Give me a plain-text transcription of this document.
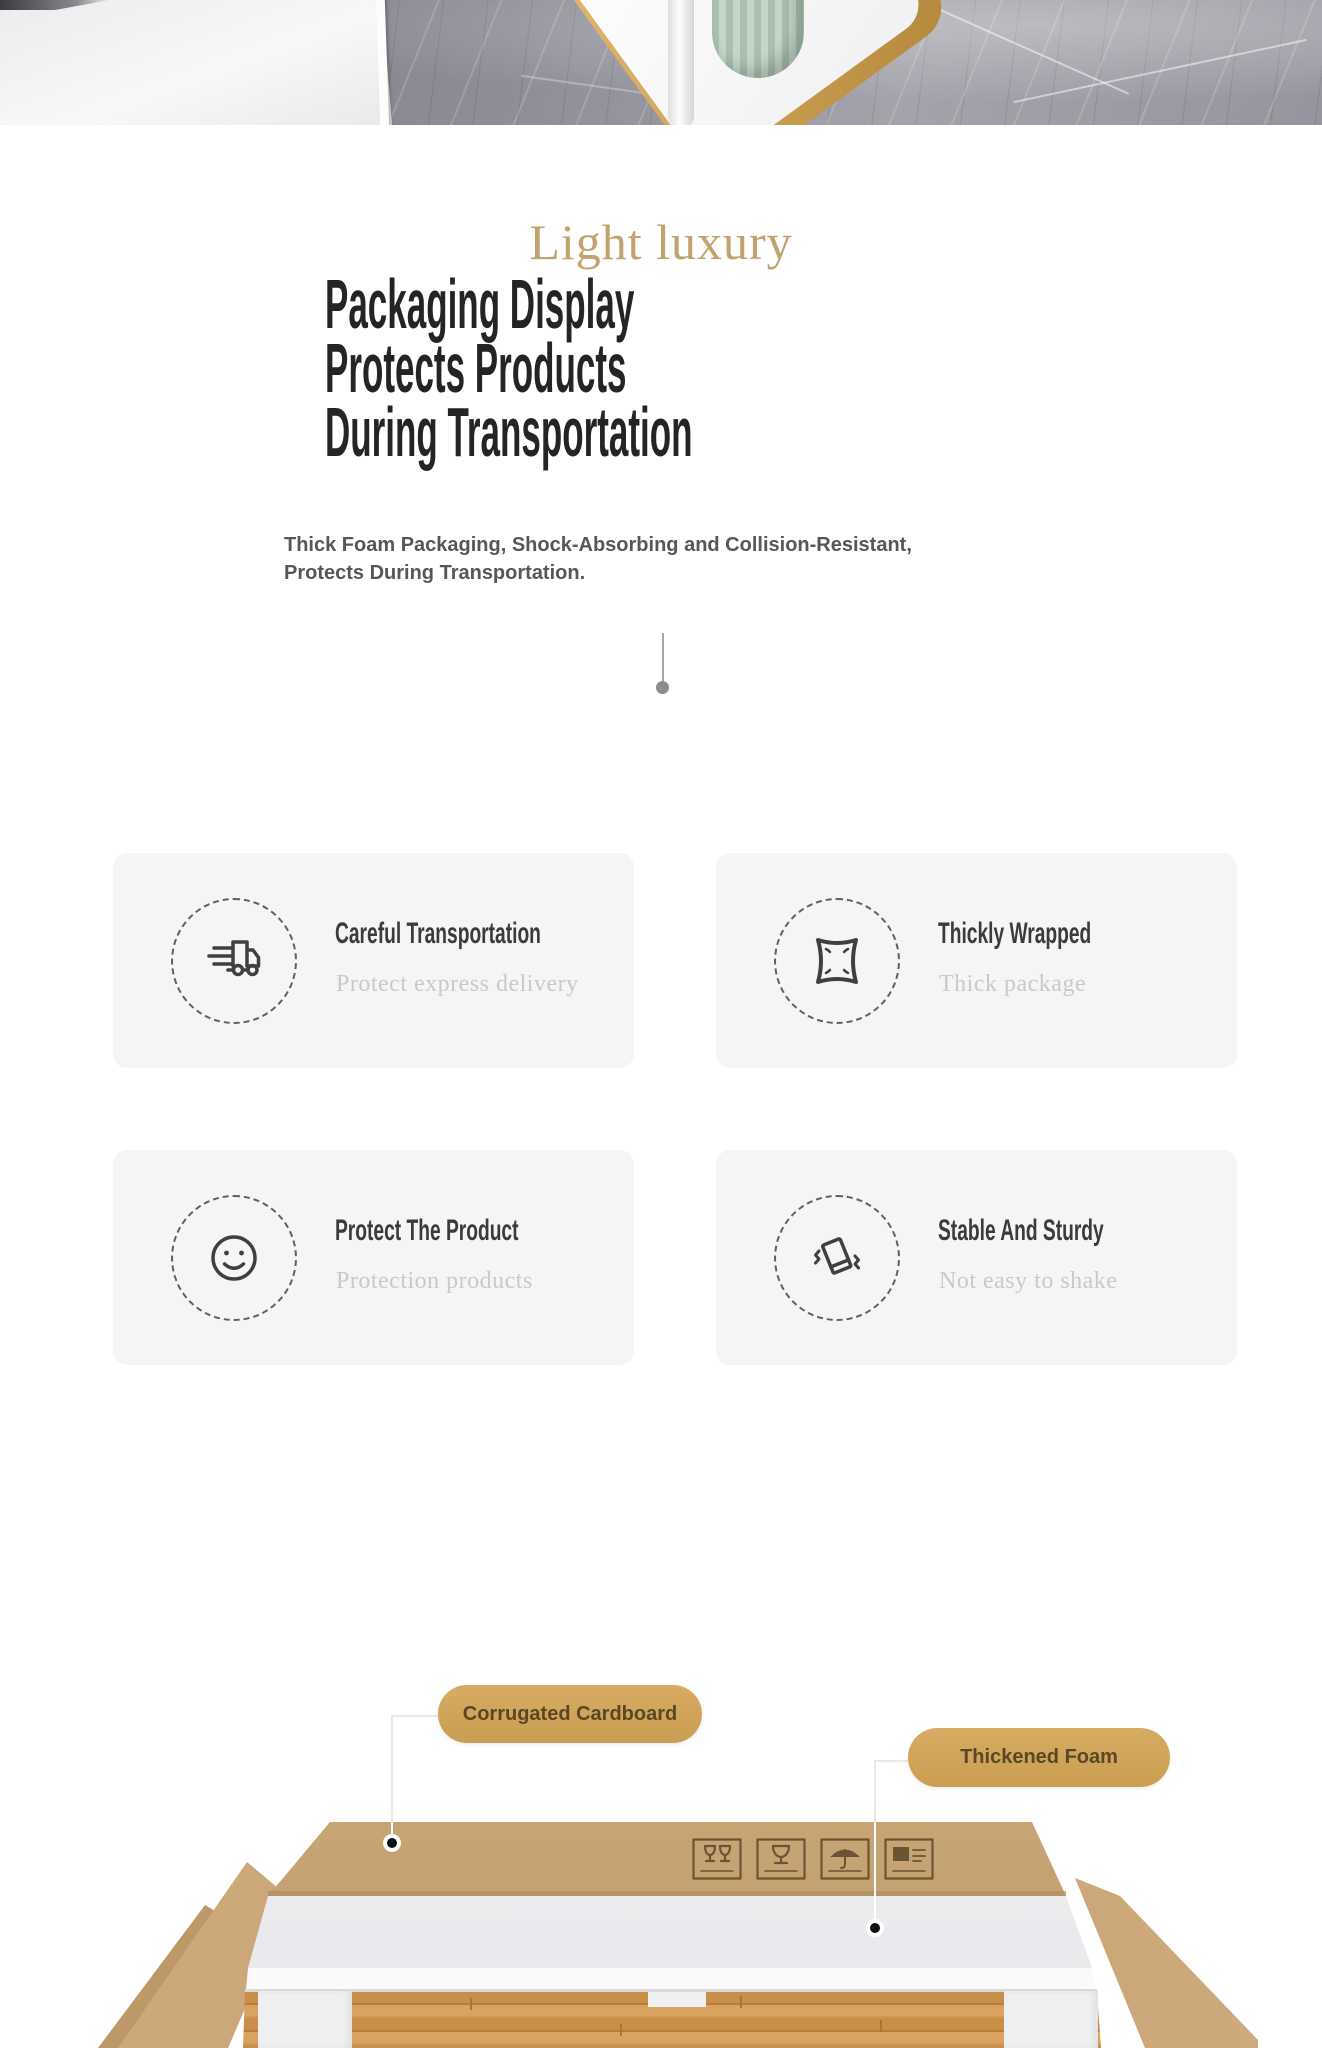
Light luxury
Packaging Display
Protects Products
During Transportation
Thick Foam Packaging, Shock-Absorbing and Collision-Resistant,
Protects During Transportation.
Careful Transportation
Protect express delivery
Thickly Wrapped
Thick package
Protect The Product
Protection products
Stable And Sturdy
Not easy to shake
Corrugated Cardboard
Thickened Foam
